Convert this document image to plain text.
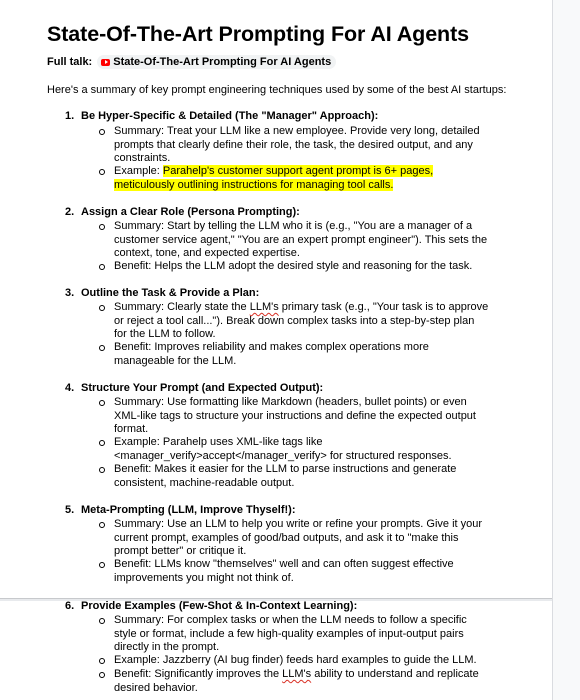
State-Of-The-Art Prompting For AI Agents
Full talk: State-Of-The-Art Prompting For AI Agents

Here's a summary of key prompt engineering techniques used by some of the best AI startups:

1. Be Hyper-Specific & Detailed (The "Manager" Approach):
Summary: Treat your LLM like a new employee. Provide very long, detailed prompts that clearly define their role, the task, the desired output, and any constraints.
Example: Parahelp's customer support agent prompt is 6+ pages, meticulously outlining instructions for managing tool calls.
2. Assign a Clear Role (Persona Prompting):
Summary: Start by telling the LLM who it is (e.g., "You are a manager of a customer service agent," "You are an expert prompt engineer"). This sets the context, tone, and expected expertise.
Benefit: Helps the LLM adopt the desired style and reasoning for the task.
3. Outline the Task & Provide a Plan:
Summary: Clearly state the LLM's primary task (e.g., "Your task is to approve or reject a tool call..."). Break down complex tasks into a step-by-step plan for the LLM to follow.
Benefit: Improves reliability and makes complex operations more manageable for the LLM.
4. Structure Your Prompt (and Expected Output):
Summary: Use formatting like Markdown (headers, bullet points) or even XML-like tags to structure your instructions and define the expected output format.
Example: Parahelp uses XML-like tags like <manager_verify>accept</manager_verify> for structured responses.
Benefit: Makes it easier for the LLM to parse instructions and generate consistent, machine-readable output.
5. Meta-Prompting (LLM, Improve Thyself!):
Summary: Use an LLM to help you write or refine your prompts. Give it your current prompt, examples of good/bad outputs, and ask it to "make this prompt better" or critique it.
Benefit: LLMs know "themselves" well and can often suggest effective improvements you might not think of.
6. Provide Examples (Few-Shot & In-Context Learning):
Summary: For complex tasks or when the LLM needs to follow a specific style or format, include a few high-quality examples of input-output pairs directly in the prompt.
Example: Jazzberry (AI bug finder) feeds hard examples to guide the LLM.
Benefit: Significantly improves the LLM's ability to understand and replicate desired behavior.
